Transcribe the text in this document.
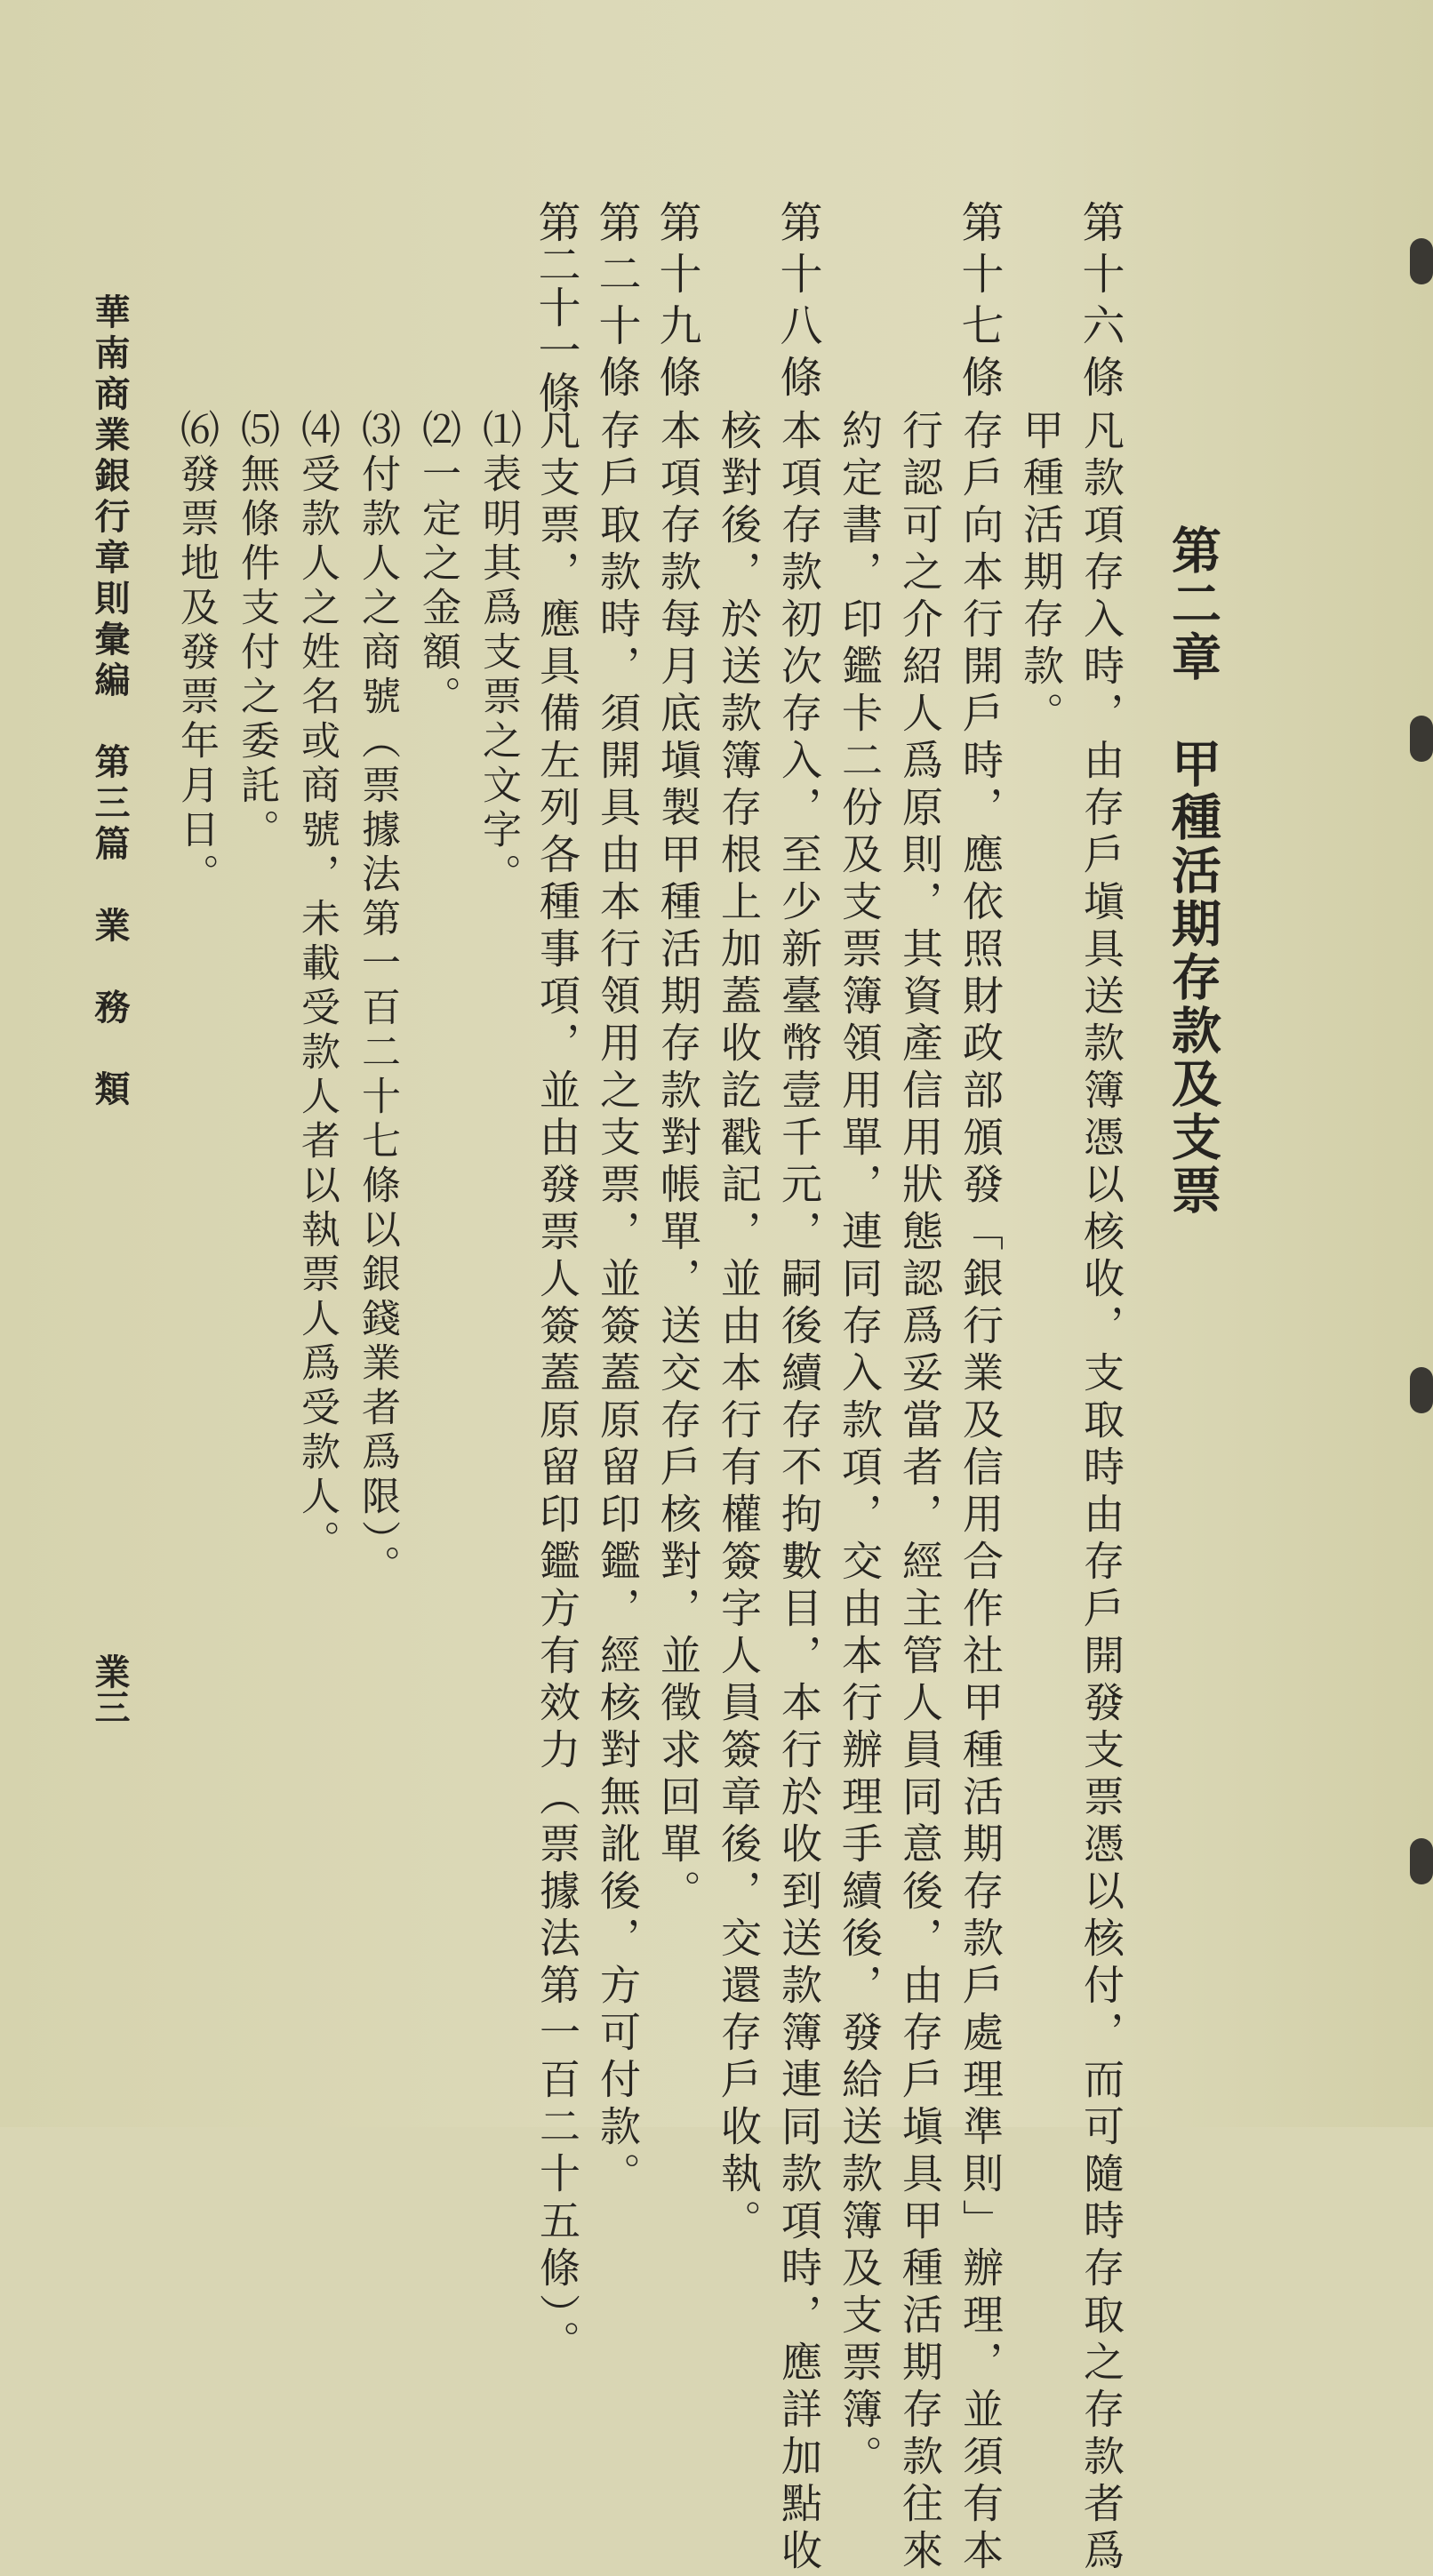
第二章　甲種活期存款及支票
第十六條
凡款項存入時，由存戶塡具送款簿憑以核收，支取時由存戶開發支票憑以核付，而可隨時存取之存款者爲
甲種活期存款。
第十七條
存戶向本行開戶時，應依照財政部頒發「銀行業及信用合作社甲種活期存款戶處理準則」辦理，並須有本
行認可之介紹人爲原則，其資產信用狀態認爲妥當者，經主管人員同意後，由存戶塡具甲種活期存款往來
約定書，印鑑卡二份及支票簿領用單，連同存入款項，交由本行辦理手續後，發給送款簿及支票簿。
第十八條
本項存款初次存入，至少新臺幣壹千元，嗣後續存不拘數目，本行於收到送款簿連同款項時，應詳加點收
核對後，於送款簿存根上加蓋收訖戳記，並由本行有權簽字人員簽章後，交還存戶收執。
第十九條
本項存款每月底塡製甲種活期存款對帳單，送交存戶核對，並徵求回單。
第二十條
存戶取款時，須開具由本行領用之支票，並簽蓋原留印鑑，經核對無訛後，方可付款。
第二十一條
凡支票，應具備左列各種事項，並由發票人簽蓋原留印鑑方有效力（票據法第一百二十五條）。
⑴表明其爲支票之文字。
⑵一定之金額。
⑶付款人之商號（票據法第一百二十七條以銀錢業者爲限）。
⑷受款人之姓名或商號，未載受款人者以執票人爲受款人。
⑸無條件支付之委託。
⑹發票地及發票年月日。
華南商業銀行章則彙編　第三篇　業　務　類
業三
